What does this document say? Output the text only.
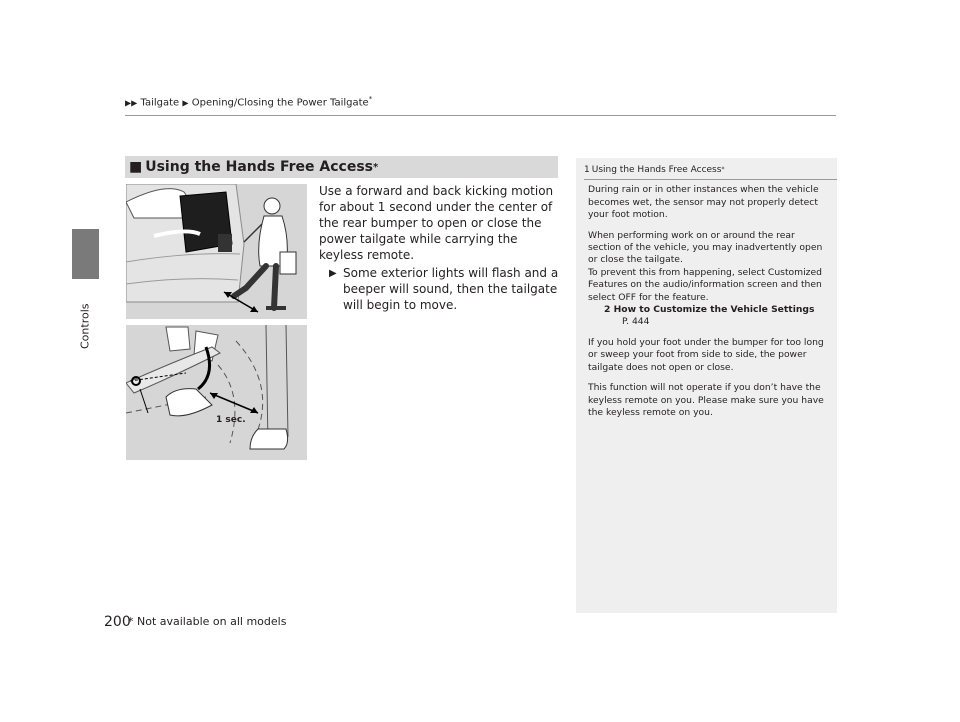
Controls
▶▶ Tailgate ▶ Opening/Closing the Power Tailgate*
■ Using the Hands Free Access *
1 sec.

Use a forward and back kicking motion for about 1 second under the center of the rear bumper to open or close the power tailgate while carrying the keyless remote.

▶ Some exterior lights will flash and a beeper will sound, then the tailgate will begin to move.
1 Using the Hands Free Access *

During rain or in other instances when the vehicle becomes wet, the sensor may not properly detect your foot motion.

When performing work on or around the rear section of the vehicle, you may inadvertently open or close the tailgate.

To prevent this from happening, select Customized Features on the audio/information screen and then select OFF for the feature.

2 How to Customize the Vehicle Settings
P. 444

If you hold your foot under the bumper for too long or sweep your foot from side to side, the power tailgate does not open or close.

This function will not operate if you don’t have the keyless remote on you. Please make sure you have the keyless remote on you.

200
* Not available on all models
